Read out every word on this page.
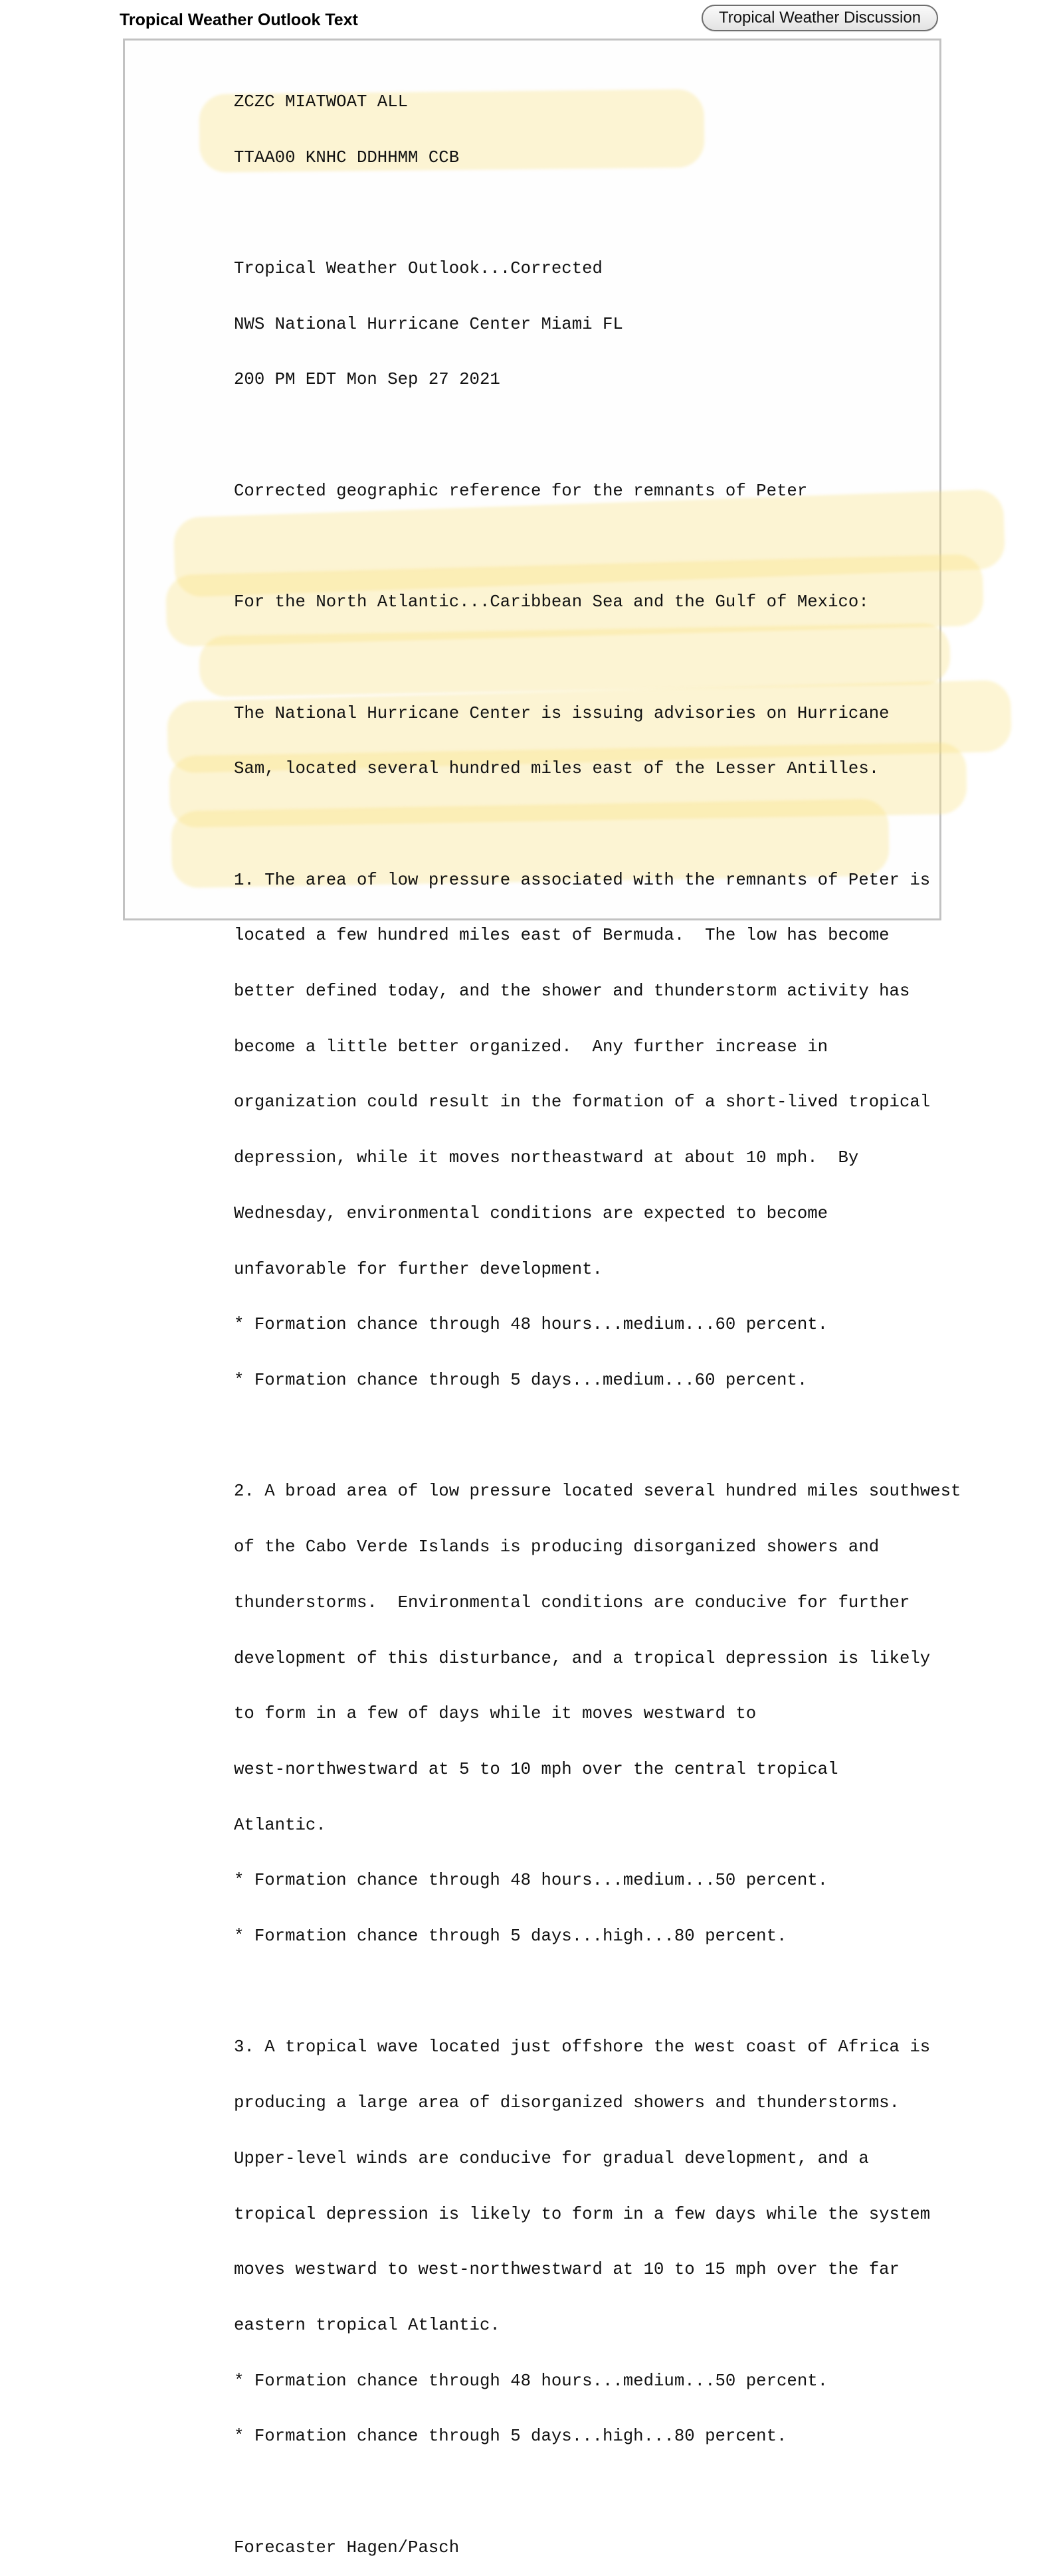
Tropical Weather Outlook Text	Tropical Weather Discussion

ZCZC MIATWOAT ALL

TTAA00 KNHC DDHHMM CCB

Tropical Weather Outlook...Corrected

NWS National Hurricane Center Miami FL

200 PM EDT Mon Sep 27 2021

Corrected geographic reference for the remnants of Peter

For the North Atlantic...Caribbean Sea and the Gulf of Mexico:

The National Hurricane Center is issuing advisories on Hurricane

Sam, located several hundred miles east of the Lesser Antilles.

1. The area of low pressure associated with the remnants of Peter is

located a few hundred miles east of Bermuda.  The low has become

better defined today, and the shower and thunderstorm activity has

become a little better organized.  Any further increase in

organization could result in the formation of a short-lived tropical

depression, while it moves northeastward at about 10 mph.  By

Wednesday, environmental conditions are expected to become

unfavorable for further development.

* Formation chance through 48 hours...medium...60 percent.

* Formation chance through 5 days...medium...60 percent.

2. A broad area of low pressure located several hundred miles southwest

of the Cabo Verde Islands is producing disorganized showers and

thunderstorms.  Environmental conditions are conducive for further

development of this disturbance, and a tropical depression is likely

to form in a few of days while it moves westward to

west-northwestward at 5 to 10 mph over the central tropical

Atlantic.

* Formation chance through 48 hours...medium...50 percent.

* Formation chance through 5 days...high...80 percent.

3. A tropical wave located just offshore the west coast of Africa is

producing a large area of disorganized showers and thunderstorms.

Upper-level winds are conducive for gradual development, and a

tropical depression is likely to form in a few days while the system

moves westward to west-northwestward at 10 to 15 mph over the far

eastern tropical Atlantic.

* Formation chance through 48 hours...medium...50 percent.

* Formation chance through 5 days...high...80 percent.

Forecaster Hagen/Pasch
